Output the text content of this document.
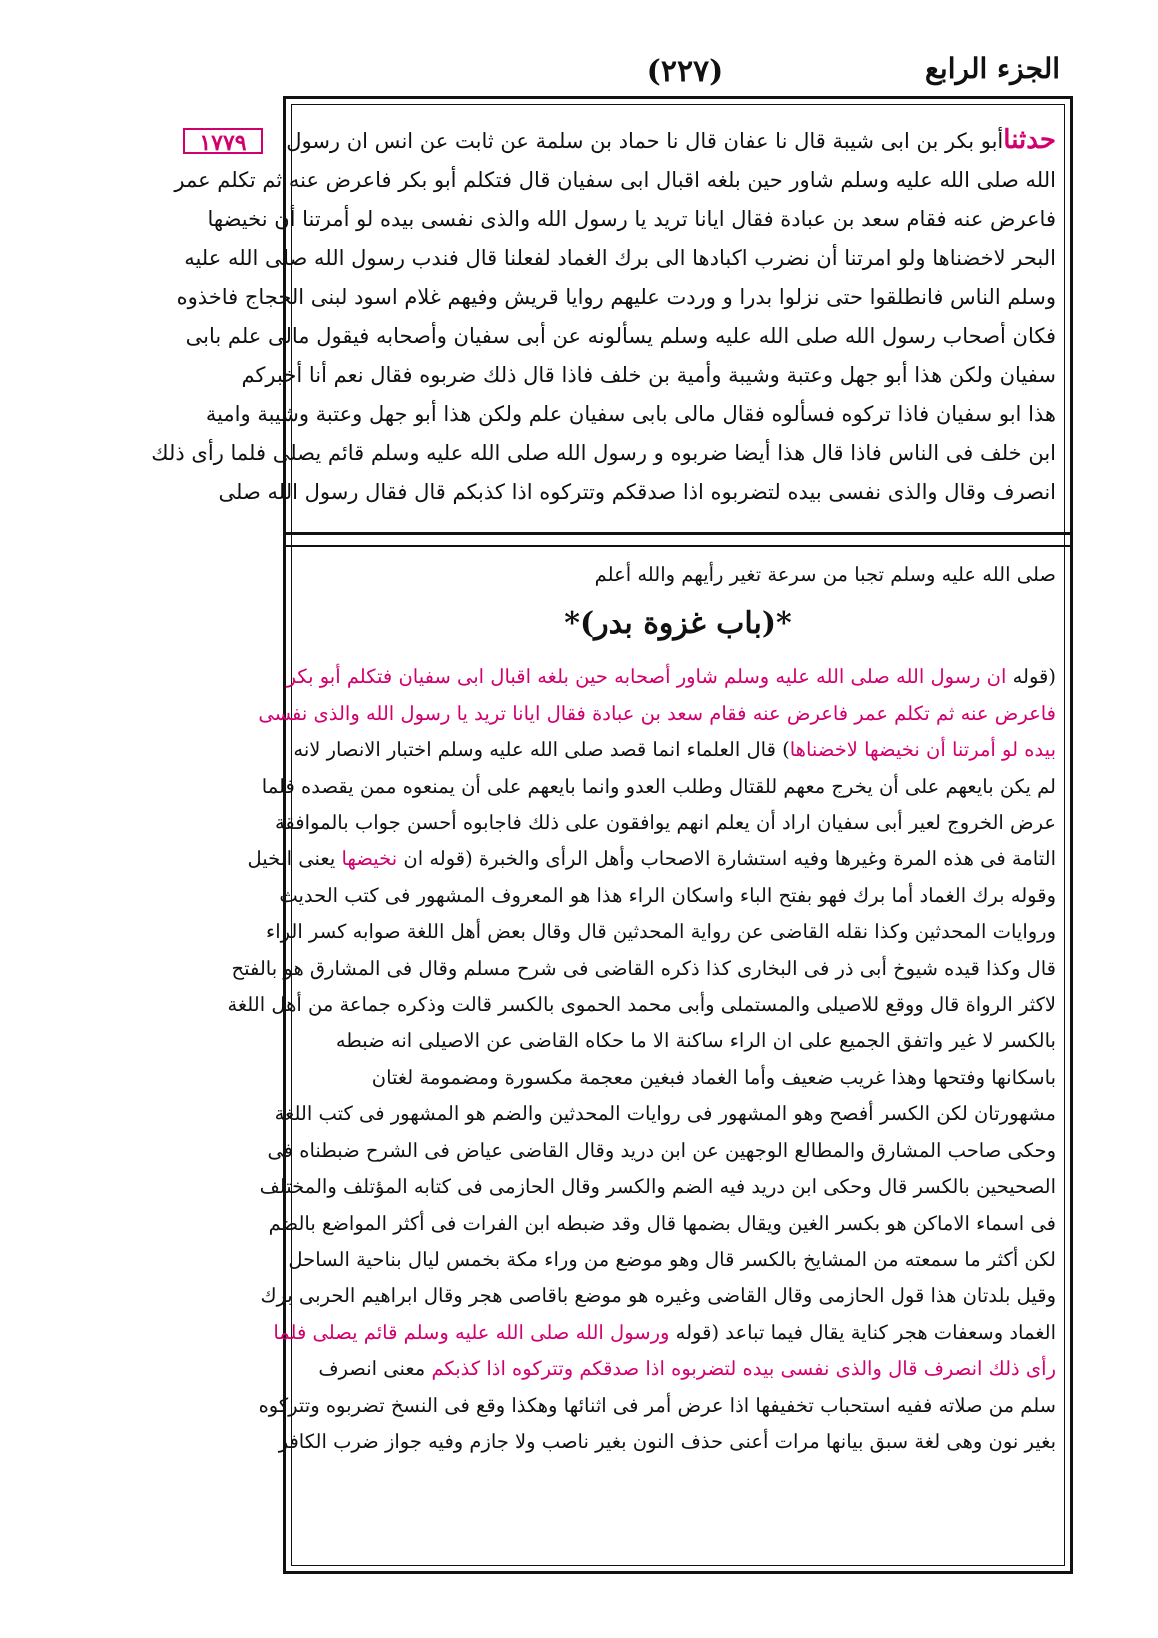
(٢٢٧)	الجزء الرابع
١٧٧٩	حدثناأبو بكر بن ابى شيبة قال نا عفان قال نا حماد بن سلمة عن ثابت عن انس ان رسول
الله صلى الله عليه وسلم شاور حين بلغه اقبال ابى سفيان قال فتكلم أبو بكر فاعرض عنه ثم تكلم عمر
فاعرض عنه فقام سعد بن عبادة فقال ايانا تريد يا رسول الله والذى نفسى بيده لو أمرتنا أن نخيضها
البحر لاخضناها ولو امرتنا أن نضرب اكبادها الى برك الغماد لفعلنا قال فندب رسول الله صلى الله عليه
وسلم الناس فانطلقوا حتى نزلوا بدرا و وردت عليهم روايا قريش وفيهم غلام اسود لبنى الحجاج فاخذوه
فكان أصحاب رسول الله صلى الله عليه وسلم يسألونه عن أبى سفيان وأصحابه فيقول مالى علم بابى
سفيان ولكن هذا أبو جهل وعتبة وشيبة وأمية بن خلف فاذا قال ذلك ضربوه فقال نعم أنا أخبركم
هذا ابو سفيان فاذا تركوه فسألوه فقال مالى بابى سفيان علم ولكن هذا أبو جهل وعتبة وشيبة وامية
ابن خلف فى الناس فاذا قال هذا أيضا ضربوه و رسول الله صلى الله عليه وسلم قائم يصلى فلما رأى ذلك
انصرف وقال والذى نفسى بيده لتضربوه اذا صدقكم وتتركوه اذا كذبكم قال فقال رسول الله صلى
صلى الله عليه وسلم تجبا من سرعة تغير رأيهم والله أعلم
*(باب غزوة بدر)*
(قوله ان رسول الله صلى الله عليه وسلم شاور أصحابه حين بلغه اقبال ابى سفيان فتكلم أبو بكر
فاعرض عنه ثم تكلم عمر فاعرض عنه فقام سعد بن عبادة فقال ايانا تريد يا رسول الله والذى نفسى
بيده لو أمرتنا أن نخيضها لاخضناها) قال العلماء انما قصد صلى الله عليه وسلم اختبار الانصار لانه
لم يكن بايعهم على أن يخرج معهم للقتال وطلب العدو وانما بايعهم على أن يمنعوه ممن يقصده فلما
عرض الخروج لعير أبى سفيان اراد أن يعلم انهم يوافقون على ذلك فاجابوه أحسن جواب بالموافقة
التامة فى هذه المرة وغيرها وفيه استشارة الاصحاب وأهل الرأى والخبرة (قوله ان نخيضها يعنى الخيل
وقوله برك الغماد أما برك فهو بفتح الباء واسكان الراء هذا هو المعروف المشهور فى كتب الحديث
وروايات المحدثين وكذا نقله القاضى عن رواية المحدثين قال وقال بعض أهل اللغة صوابه كسر الراء
قال وكذا قيده شيوخ أبى ذر فى البخارى كذا ذكره القاضى فى شرح مسلم وقال فى المشارق هو بالفتح
لاكثر الرواة قال ووقع للاصيلى والمستملى وأبى محمد الحموى بالكسر قالت وذكره جماعة من أهل اللغة
بالكسر لا غير واتفق الجميع على ان الراء ساكنة الا ما حكاه القاضى عن الاصيلى انه ضبطه
باسكانها وفتحها وهذا غريب ضعيف وأما الغماد فبغين معجمة مكسورة ومضمومة لغتان
مشهورتان لكن الكسر أفصح وهو المشهور فى روايات المحدثين والضم هو المشهور فى كتب اللغة
وحكى صاحب المشارق والمطالع الوجهين عن ابن دريد وقال القاضى عياض فى الشرح ضبطناه فى
الصحيحين بالكسر قال وحكى ابن دريد فيه الضم والكسر وقال الحازمى فى كتابه المؤتلف والمختلف
فى اسماء الاماكن هو بكسر الغين ويقال بضمها قال وقد ضبطه ابن الفرات فى أكثر المواضع بالضم
لكن أكثر ما سمعته من المشايخ بالكسر قال وهو موضع من وراء مكة بخمس ليال بناحية الساحل
وقيل بلدتان هذا قول الحازمى وقال القاضى وغيره هو موضع باقاصى هجر وقال ابراهيم الحربى برك
الغماد وسعفات هجر كناية يقال فيما تباعد (قوله ورسول الله صلى الله عليه وسلم قائم يصلى فلما
رأى ذلك انصرف قال والذى نفسى بيده لتضربوه اذا صدقكم وتتركوه اذا كذبكم معنى انصرف
سلم من صلاته ففيه استحباب تخفيفها اذا عرض أمر فى اثنائها وهكذا وقع فى النسخ تضربوه وتتركوه
بغير نون وهى لغة سبق بيانها مرات أعنى حذف النون بغير ناصب ولا جازم وفيه جواز ضرب الكافر
